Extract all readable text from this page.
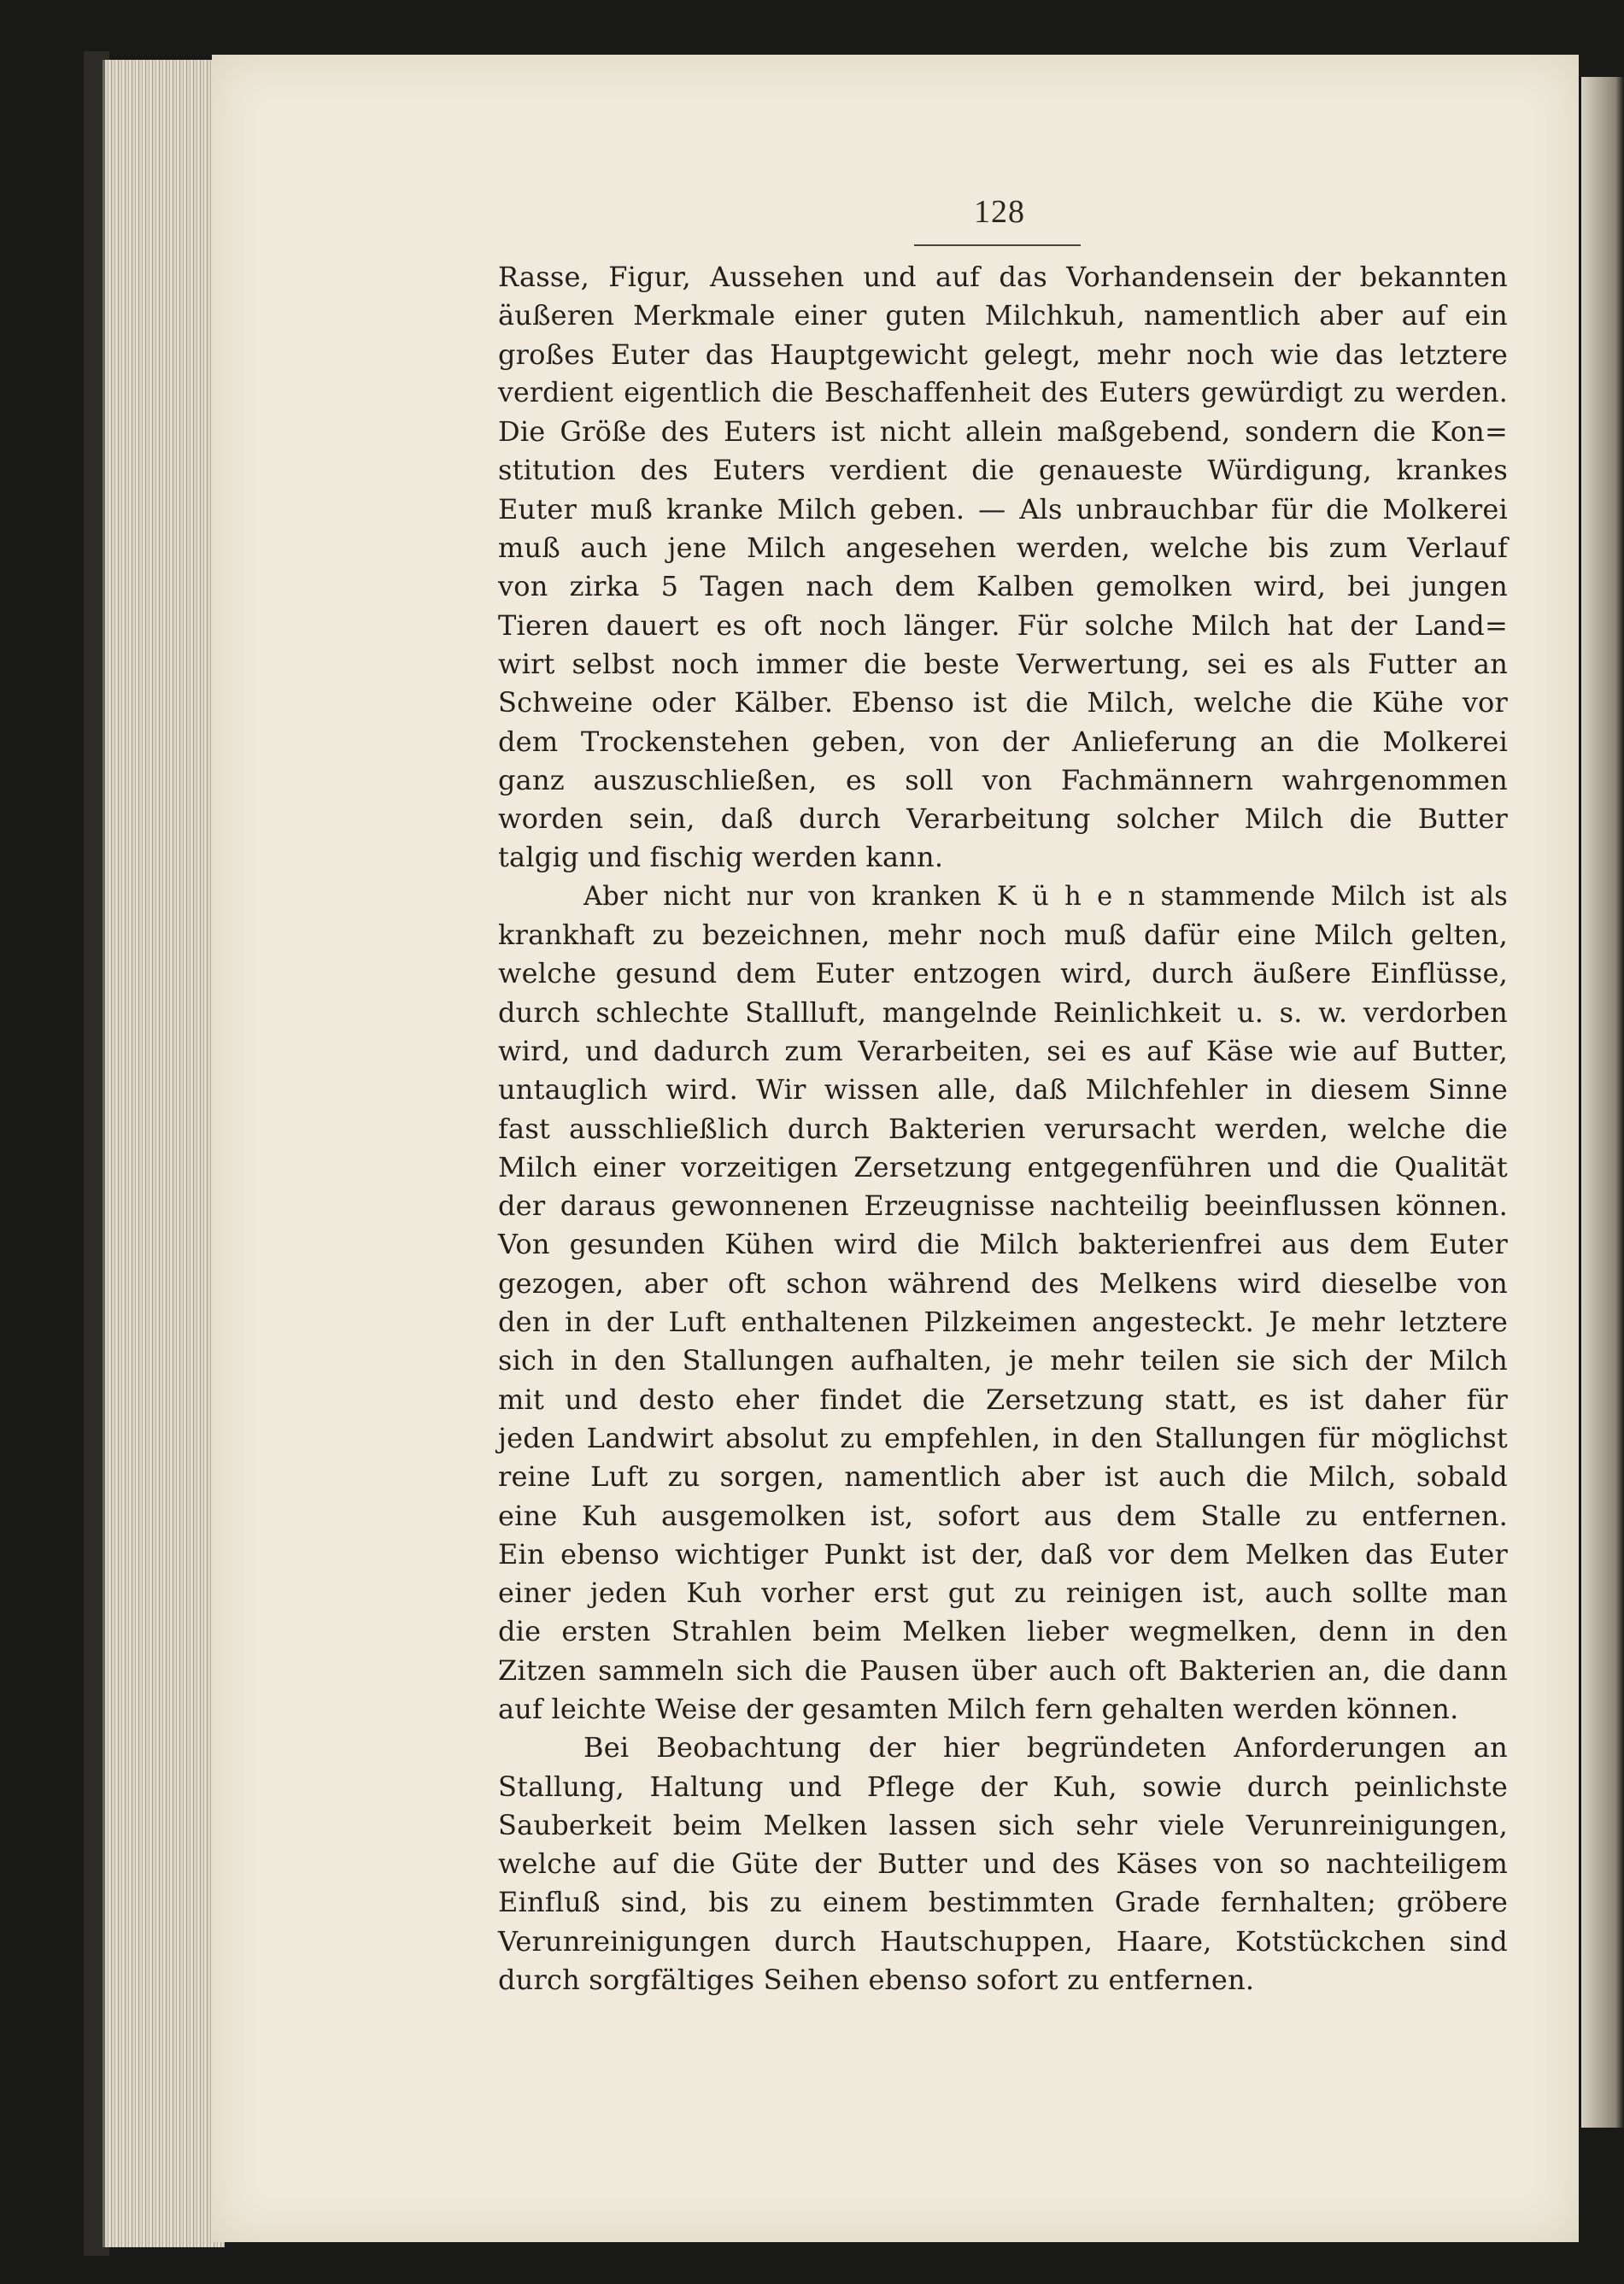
128
Rasse, Figur, Aussehen und auf das Vorhandensein der bekannten
äußeren Merkmale einer guten Milchkuh, namentlich aber auf ein
großes Euter das Hauptgewicht gelegt, mehr noch wie das letztere
verdient eigentlich die Beschaffenheit des Euters gewürdigt zu werden.
Die Größe des Euters ist nicht allein maßgebend, sondern die Kon=
stitution des Euters verdient die genaueste Würdigung, krankes
Euter muß kranke Milch geben. — Als unbrauchbar für die Molkerei
muß auch jene Milch angesehen werden, welche bis zum Verlauf
von zirka 5 Tagen nach dem Kalben gemolken wird, bei jungen
Tieren dauert es oft noch länger. Für solche Milch hat der Land=
wirt selbst noch immer die beste Verwertung, sei es als Futter an
Schweine oder Kälber. Ebenso ist die Milch, welche die Kühe vor
dem Trockenstehen geben, von der Anlieferung an die Molkerei
ganz auszuschließen, es soll von Fachmännern wahrgenommen
worden sein, daß durch Verarbeitung solcher Milch die Butter
talgig und fischig werden kann.
Aber nicht nur von kranken K ü h e n stammende Milch ist als
krankhaft zu bezeichnen, mehr noch muß dafür eine Milch gelten,
welche gesund dem Euter entzogen wird, durch äußere Einflüsse,
durch schlechte Stallluft, mangelnde Reinlichkeit u. s. w. verdorben
wird, und dadurch zum Verarbeiten, sei es auf Käse wie auf Butter,
untauglich wird. Wir wissen alle, daß Milchfehler in diesem Sinne
fast ausschließlich durch Bakterien verursacht werden, welche die
Milch einer vorzeitigen Zersetzung entgegenführen und die Qualität
der daraus gewonnenen Erzeugnisse nachteilig beeinflussen können.
Von gesunden Kühen wird die Milch bakterienfrei aus dem Euter
gezogen, aber oft schon während des Melkens wird dieselbe von
den in der Luft enthaltenen Pilzkeimen angesteckt. Je mehr letztere
sich in den Stallungen aufhalten, je mehr teilen sie sich der Milch
mit und desto eher findet die Zersetzung statt, es ist daher für
jeden Landwirt absolut zu empfehlen, in den Stallungen für möglichst
reine Luft zu sorgen, namentlich aber ist auch die Milch, sobald
eine Kuh ausgemolken ist, sofort aus dem Stalle zu entfernen.
Ein ebenso wichtiger Punkt ist der, daß vor dem Melken das Euter
einer jeden Kuh vorher erst gut zu reinigen ist, auch sollte man
die ersten Strahlen beim Melken lieber wegmelken, denn in den
Zitzen sammeln sich die Pausen über auch oft Bakterien an, die dann
auf leichte Weise der gesamten Milch fern gehalten werden können.
Bei Beobachtung der hier begründeten Anforderungen an
Stallung, Haltung und Pflege der Kuh, sowie durch peinlichste
Sauberkeit beim Melken lassen sich sehr viele Verunreinigungen,
welche auf die Güte der Butter und des Käses von so nachteiligem
Einfluß sind, bis zu einem bestimmten Grade fernhalten; gröbere
Verunreinigungen durch Hautschuppen, Haare, Kotstückchen sind
durch sorgfältiges Seihen ebenso sofort zu entfernen.
